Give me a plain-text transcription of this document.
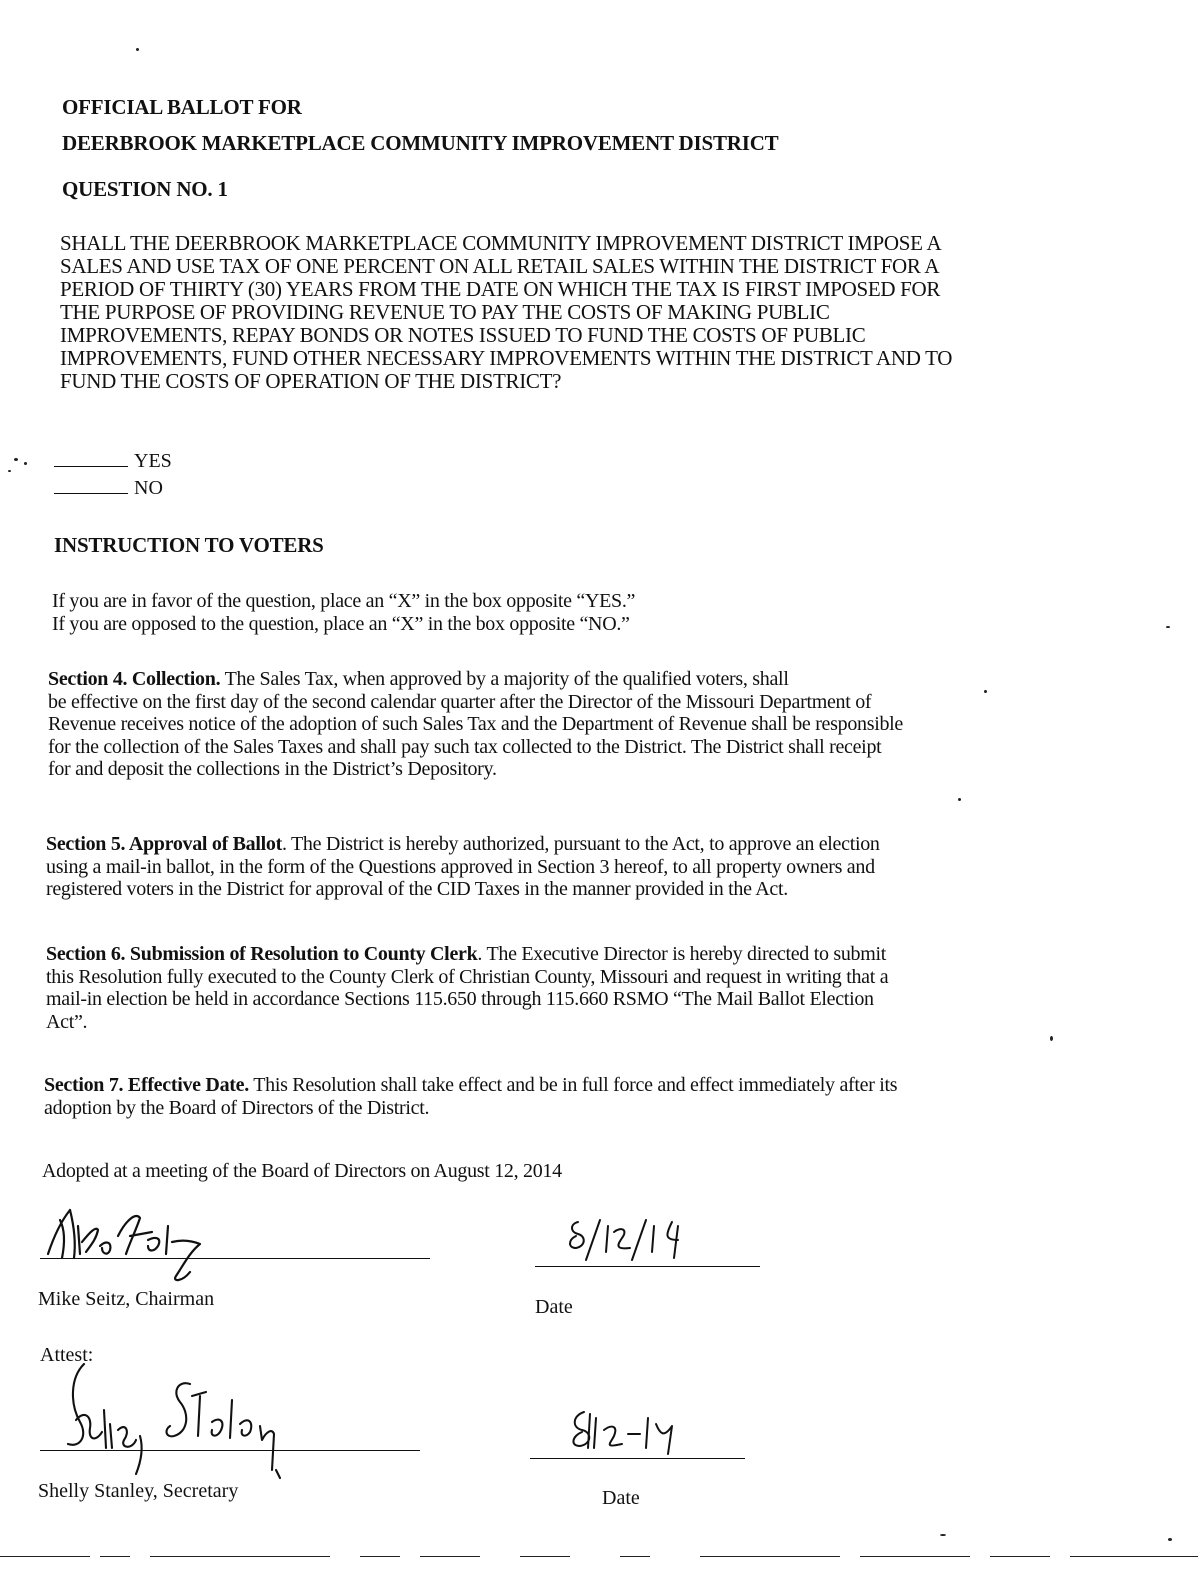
OFFICIAL BALLOT FOR
DEERBROOK MARKETPLACE COMMUNITY IMPROVEMENT DISTRICT
QUESTION NO. 1
SHALL THE DEERBROOK MARKETPLACE COMMUNITY IMPROVEMENT DISTRICT IMPOSE A
SALES AND USE TAX OF ONE PERCENT ON ALL RETAIL SALES WITHIN THE DISTRICT FOR A
PERIOD OF THIRTY (30) YEARS FROM THE DATE ON WHICH THE TAX IS FIRST IMPOSED FOR
THE PURPOSE OF PROVIDING REVENUE TO PAY THE COSTS OF MAKING PUBLIC
IMPROVEMENTS, REPAY BONDS OR NOTES ISSUED TO FUND THE COSTS OF PUBLIC
IMPROVEMENTS, FUND OTHER NECESSARY IMPROVEMENTS WITHIN THE DISTRICT AND TO
FUND THE COSTS OF OPERATION OF THE DISTRICT?
YES
NO
INSTRUCTION TO VOTERS
If you are in favor of the question, place an “X” in the box opposite “YES.”
If you are opposed to the question, place an “X” in the box opposite “NO.”
Section 4. Collection. The Sales Tax, when approved by a majority of the qualified voters, shall
be effective on the first day of the second calendar quarter after the Director of the Missouri Department of
Revenue receives notice of the adoption of such Sales Tax and the Department of Revenue shall be responsible
for the collection of the Sales Taxes and shall pay such tax collected to the District. The District shall receipt
for and deposit the collections in the District’s Depository.
Section 5. Approval of Ballot. The District is hereby authorized, pursuant to the Act, to approve an election
using a mail-in ballot, in the form of the Questions approved in Section 3 hereof, to all property owners and
registered voters in the District for approval of the CID Taxes in the manner provided in the Act.
Section 6. Submission of Resolution to County Clerk. The Executive Director is hereby directed to submit
this Resolution fully executed to the County Clerk of Christian County, Missouri and request in writing that a
mail-in election be held in accordance Sections 115.650 through 115.660 RSMO “The Mail Ballot Election
Act”.
Section 7. Effective Date. This Resolution shall take effect and be in full force and effect immediately after its
adoption by the Board of Directors of the District.
Adopted at a meeting of the Board of Directors on August 12, 2014
Mike Seitz, Chairman	Date
Attest:
Shelly Stanley, Secretary	Date
